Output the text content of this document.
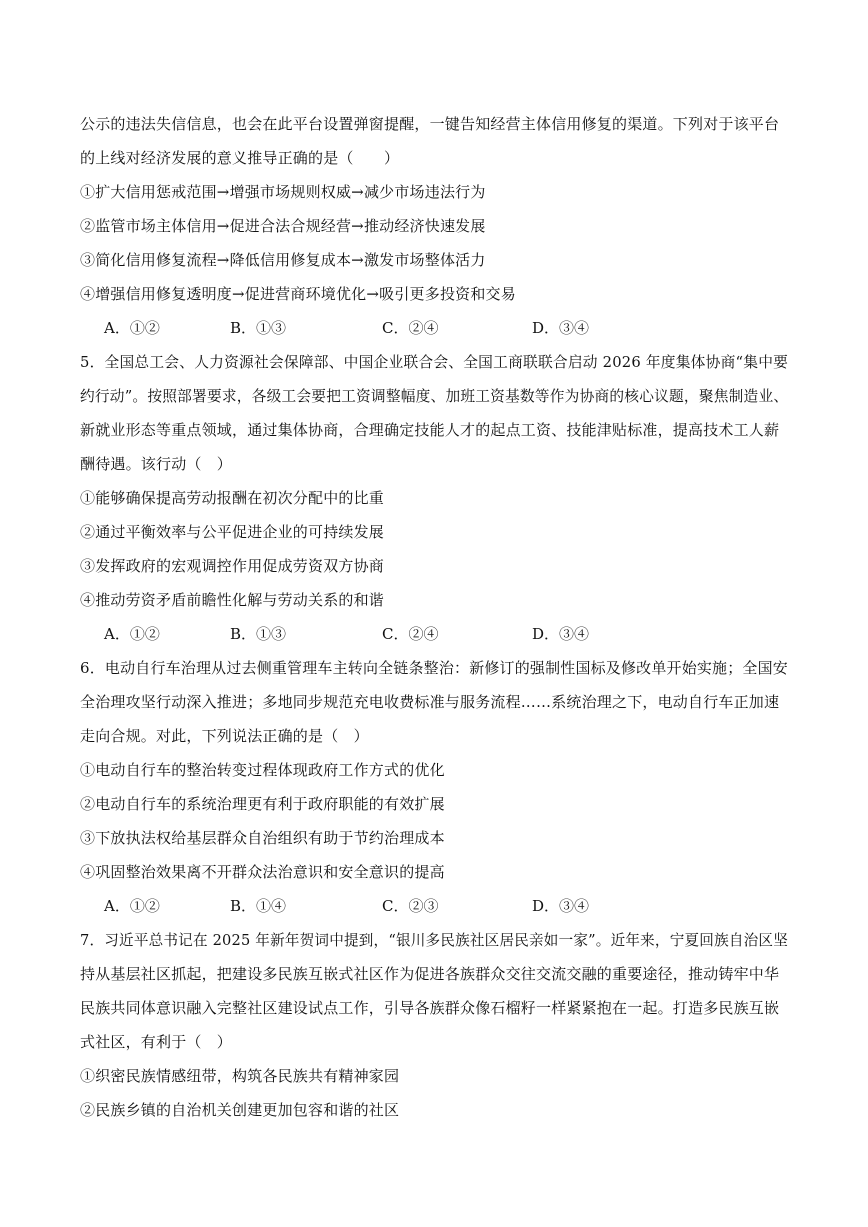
公示的违法失信信息，也会在此平台设置弹窗提醒，一键告知经营主体信用修复的渠道。下列对于该平台
的上线对经济发展的意义推导正确的是（　　）
①扩大信用惩戒范围→增强市场规则权威→减少市场违法行为
②监管市场主体信用→促进合法合规经营→推动经济快速发展
③简化信用修复流程→降低信用修复成本→激发市场整体活力
④增强信用修复透明度→促进营商环境优化→吸引更多投资和交易
A．①②	B．①③	C．②④	D．③④
5．全国总工会、人力资源社会保障部、中国企业联合会、全国工商联联合启动 2026 年度集体协商“集中要
约行动”。按照部署要求，各级工会要把工资调整幅度、加班工资基数等作为协商的核心议题，聚焦制造业、
新就业形态等重点领域，通过集体协商，合理确定技能人才的起点工资、技能津贴标准，提高技术工人薪
酬待遇。该行动（　）
①能够确保提高劳动报酬在初次分配中的比重
②通过平衡效率与公平促进企业的可持续发展
③发挥政府的宏观调控作用促成劳资双方协商
④推动劳资矛盾前瞻性化解与劳动关系的和谐
A．①②	B．①③	C．②④	D．③④
6．电动自行车治理从过去侧重管理车主转向全链条整治：新修订的强制性国标及修改单开始实施；全国安
全治理攻坚行动深入推进；多地同步规范充电收费标准与服务流程……系统治理之下，电动自行车正加速
走向合规。对此，下列说法正确的是（　）
①电动自行车的整治转变过程体现政府工作方式的优化
②电动自行车的系统治理更有利于政府职能的有效扩展
③下放执法权给基层群众自治组织有助于节约治理成本
④巩固整治效果离不开群众法治意识和安全意识的提高
A．①②	B．①④	C．②③	D．③④
7．习近平总书记在 2025 年新年贺词中提到，“银川多民族社区居民亲如一家”。近年来，宁夏回族自治区坚
持从基层社区抓起，把建设多民族互嵌式社区作为促进各族群众交往交流交融的重要途径，推动铸牢中华
民族共同体意识融入完整社区建设试点工作，引导各族群众像石榴籽一样紧紧抱在一起。打造多民族互嵌
式社区，有利于（　）
①织密民族情感纽带，构筑各民族共有精神家园
②民族乡镇的自治机关创建更加包容和谐的社区
